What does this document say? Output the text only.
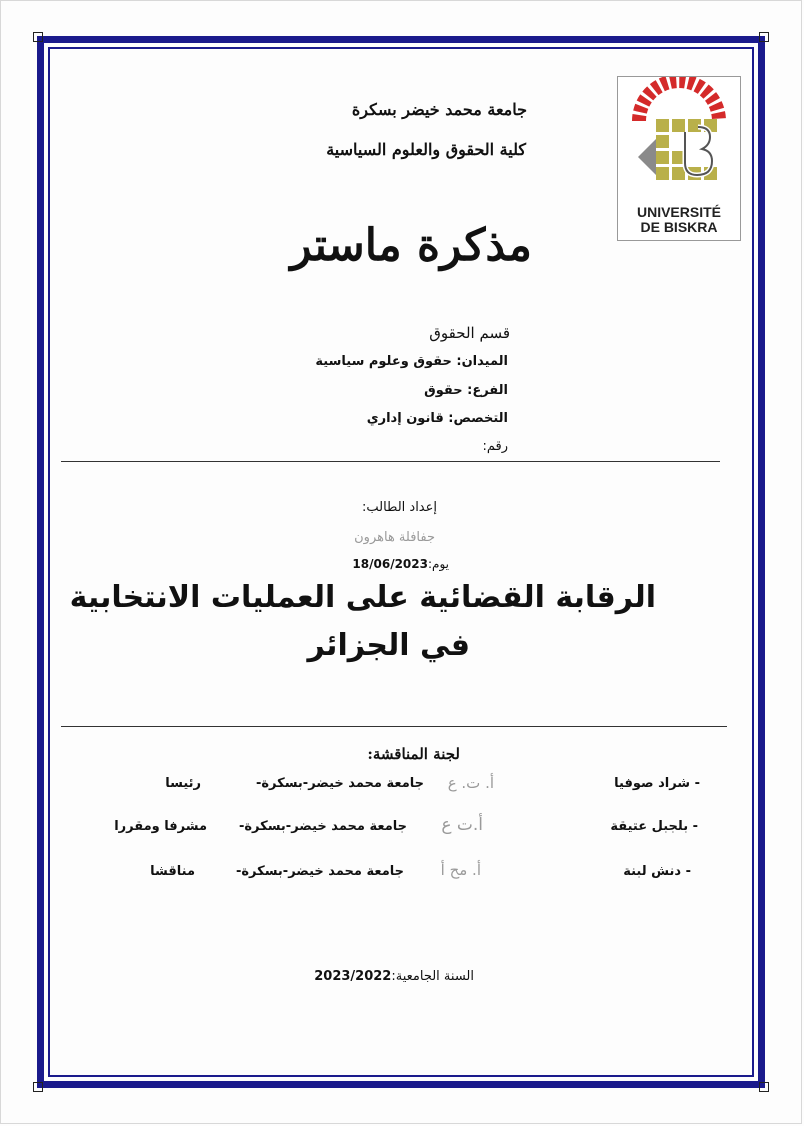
UNIVERSITÉ
DE BISKRA
جامعة محمد خيضر بسكرة
كلية الحقوق والعلوم السياسية
مذكرة ماستر
قسم الحقوق
الميدان: حقوق وعلوم سياسية
الفرع: حقوق
التخصص: قانون إداري
رقم:
إعداد الطالب:
جفافلة هاهرون
يوم:18/06/2023
الرقابة القضائية على العمليات الانتخابية
في الجزائر
لجنة المناقشة:
- شراد صوفيا
أ. ت. ع
جامعة محمد خيضر-بسكرة-
رئيسا
- بلجبل عتيقة
أ.ت ع
جامعة محمد خيضر-بسكرة-
مشرفا ومقررا
- دنش لبنة
أ. مح أ
جامعة محمد خيضر-بسكرة-
مناقشا
السنة الجامعية:2023/2022
